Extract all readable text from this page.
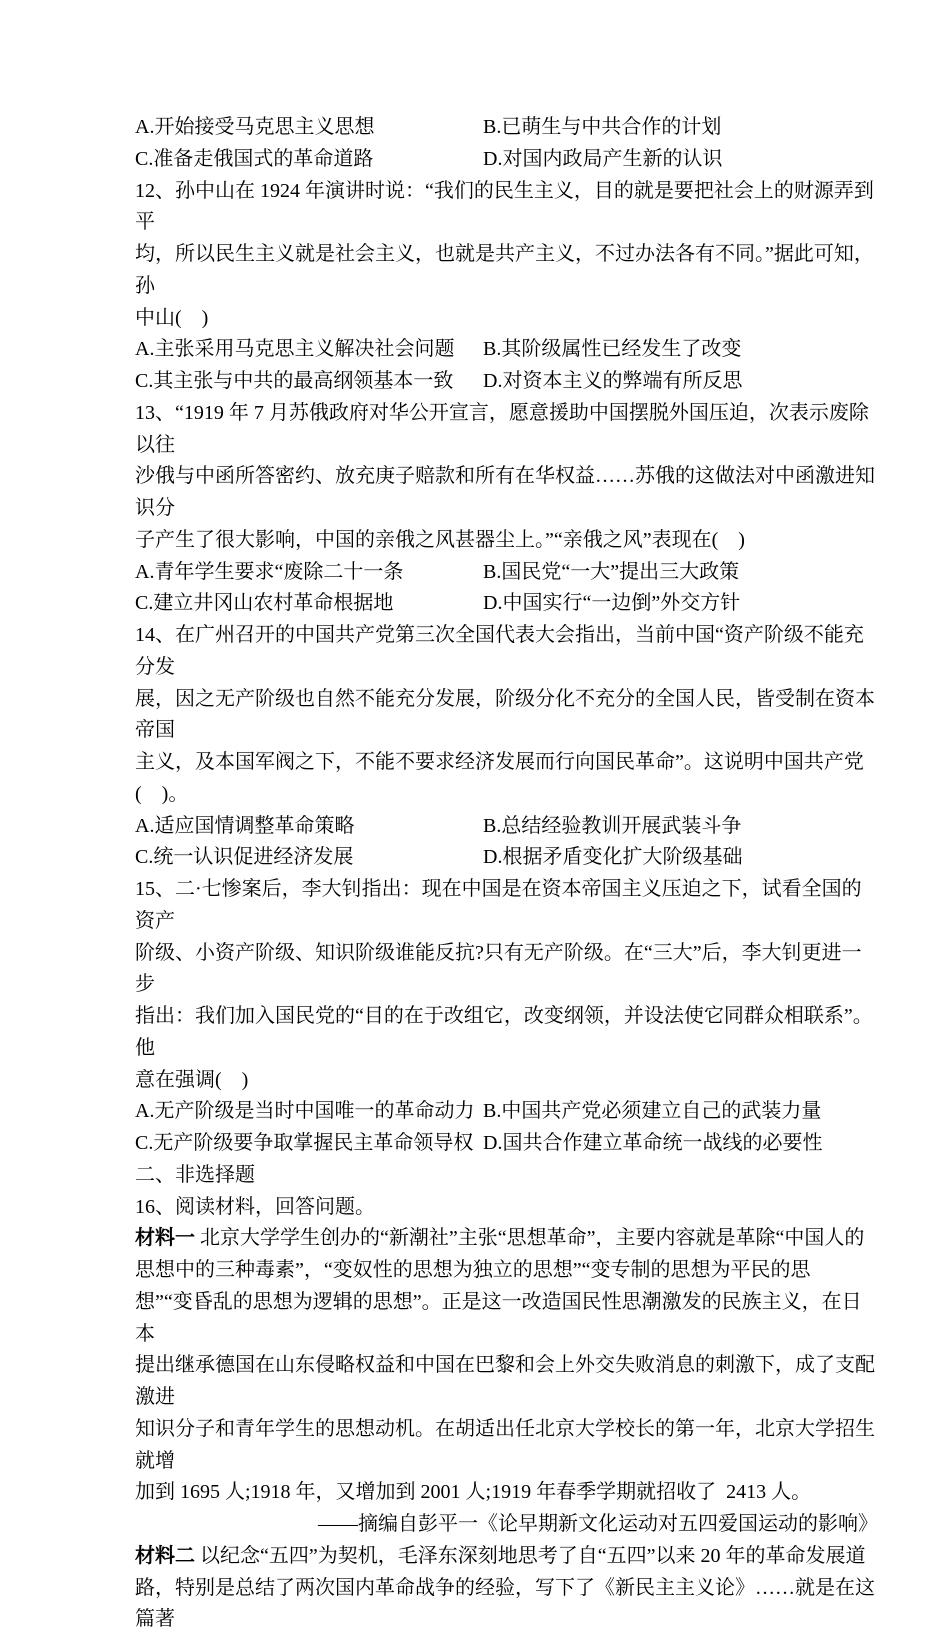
A.开始接受马克思主义思想	B.已萌生与中共合作的计划
C.准备走俄国式的革命道路	D.对国内政局产生新的认识
12、孙中山在 1924 年演讲时说：“我们的民生主义，目的就是要把社会上的财源弄到平
均，所以民生主义就是社会主义，也就是共产主义，不过办法各有不同。”据此可知，孙
中山(    )
A.主张采用马克思主义解决社会问题	B.其阶级属性已经发生了改变
C.其主张与中共的最高纲领基本一致	D.对资本主义的弊端有所反思
13、“1919 年 7 月苏俄政府对华公开宣言，愿意援助中国摆脱外国压迫，次表示废除以往
沙俄与中函所答密约、放充庚子赔款和所有在华权益……苏俄的这做法对中函激进知识分
子产生了很大影响，中国的亲俄之风甚器尘上。”“亲俄之风”表现在(    )
A.青年学生要求“废除二十一条	B.国民党“一大”提出三大政策
C.建立井冈山农村革命根据地	D.中国实行“一边倒”外交方针
14、在广州召开的中国共产党第三次全国代表大会指出，当前中国“资产阶级不能充分发
展，因之无产阶级也自然不能充分发展，阶级分化不充分的全国人民，皆受制在资本帝国
主义，及本国军阀之下，不能不要求经济发展而行向国民革命”。这说明中国共产党
(    )。
A.适应国情调整革命策略	B.总结经验教训开展武装斗争
C.统一认识促进经济发展	D.根据矛盾变化扩大阶级基础
15、二·七惨案后，李大钊指出：现在中国是在资本帝国主义压迫之下，试看全国的资产
阶级、小资产阶级、知识阶级谁能反抗?只有无产阶级。在“三大”后，李大钊更进一步
指出：我们加入国民党的“目的在于改组它，改变纲领，并设法使它同群众相联系”。他
意在强调(    )
A.无产阶级是当时中国唯一的革命动力 B.中国共产党必须建立自己的武装力量
C.无产阶级要争取掌握民主革命领导权 D.国共合作建立革命统一战线的必要性
二、非选择题
16、阅读材料，回答问题。
材料一 北京大学学生创办的“新潮社”主张“思想革命”，主要内容就是革除“中国人的
思想中的三种毒素”，“变奴性的思想为独立的思想”“变专制的思想为平民的思
想”“变昏乱的思想为逻辑的思想”。正是这一改造国民性思潮激发的民族主义，在日本
提出继承德国在山东侵略权益和中国在巴黎和会上外交失败消息的刺激下，成了支配激进
知识分子和青年学生的思想动机。在胡适出任北京大学校长的第一年，北京大学招生就增
加到 1695 人;1918 年，又增加到 2001 人;1919 年春季学期就招收了  2413 人。
——摘编自彭平一《论早期新文化运动对五四爱国运动的影响》
材料二 以纪念“五四”为契机，毛泽东深刻地思考了自“五四”以来 20 年的革命发展道
路，特别是总结了两次国内革命战争的经验，写下了《新民主主义论》……就是在这篇著
